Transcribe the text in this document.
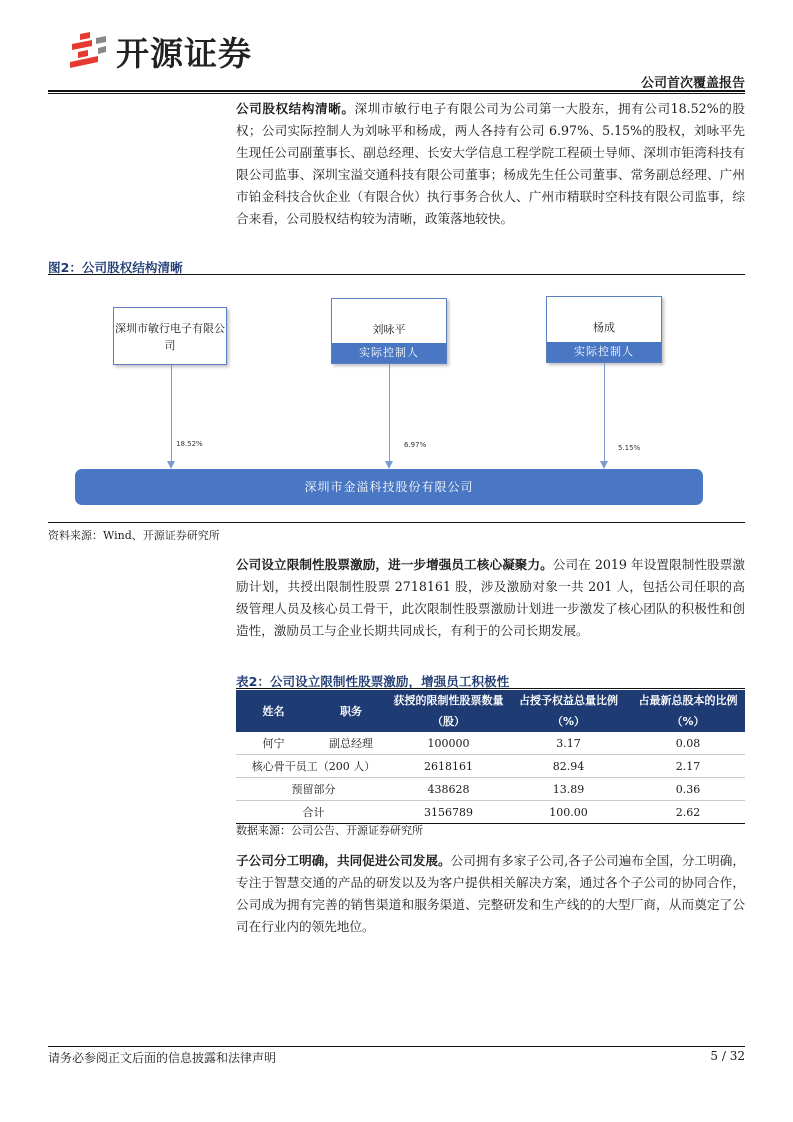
开源证券
公司首次覆盖报告
公司股权结构清晰。深圳市敏行电子有限公司为公司第一大股东，拥有公司18.52%的股权；公司实际控制人为刘咏平和杨成，两人各持有公司 6.97%、5.15%的股权，刘咏平先生现任公司副董事长、副总经理、长安大学信息工程学院工程硕士导师、深圳市钜湾科技有限公司监事、深圳宝溢交通科技有限公司董事；杨成先生任公司董事、常务副总经理、广州市铂金科技合伙企业（有限合伙）执行事务合伙人、广州市精联时空科技有限公司监事，综合来看，公司股权结构较为清晰，政策落地较快。
图2：公司股权结构清晰
深圳市敏行电子有限公司
刘咏平
实际控制人
杨成
实际控制人
18.52%	6.97%	5.15%
深圳市金溢科技股份有限公司
资料来源：Wind、开源证券研究所
公司设立限制性股票激励，进一步增强员工核心凝聚力。公司在 2019 年设置限制性股票激励计划，共授出限制性股票 2718161 股，涉及激励对象一共 201 人，包括公司任职的高级管理人员及核心员工骨干，此次限制性股票激励计划进一步激发了核心团队的积极性和创造性，激励员工与企业长期共同成长，有利于的公司长期发展。
表2：公司设立限制性股票激励，增强员工积极性
姓名	职务	获授的限制性股票数量（股）	占授予权益总量比例（%）	占最新总股本的比例（%）
何宁	副总经理	100000	3.17	0.08
核心骨干员工（200 人）		2618161	82.94	2.17
预留部分		438628	13.89	0.36
合计		3156789	100.00	2.62
数据来源：公司公告、开源证券研究所
子公司分工明确，共同促进公司发展。公司拥有多家子公司,各子公司遍布全国，分工明确，专注于智慧交通的产品的研发以及为客户提供相关解决方案，通过各个子公司的协同合作，公司成为拥有完善的销售渠道和服务渠道、完整研发和生产线的的大型厂商，从而奠定了公司在行业内的领先地位。
请务必参阅正文后面的信息披露和法律声明	5 / 32
